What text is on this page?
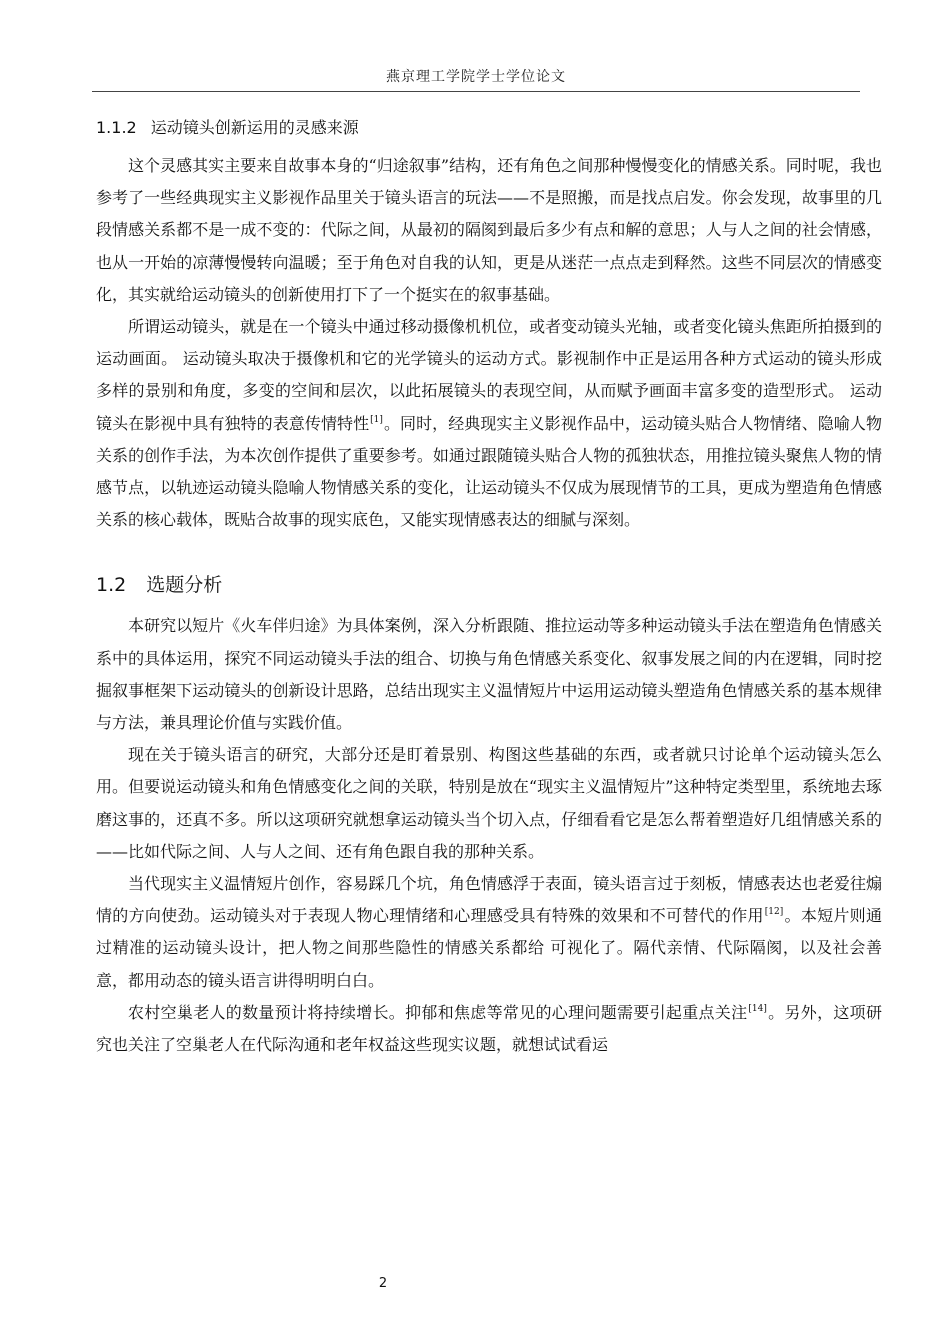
燕京理工学院学士学位论文
1.1.2 运动镜头创新运用的灵感来源

这个灵感其实主要来自故事本身的“归途叙事”结构，还有角色之间那种慢慢变化的情感关系。同时呢，我也参考了一些经典现实主义影视作品里关于镜头语言的玩法——不是照搬，而是找点启发。你会发现，故事里的几段情感关系都不是一成不变的：代际之间，从最初的隔阂到最后多少有点和解的意思；人与人之间的社会情感，也从一开始的凉薄慢慢转向温暖；至于角色对自我的认知，更是从迷茫一点点走到释然。这些不同层次的情感变化，其实就给运动镜头的创新使用打下了一个挺实在的叙事基础。

所谓运动镜头，就是在一个镜头中通过移动摄像机机位，或者变动镜头光轴，或者变化镜头焦距所拍摄到的运动画面。 运动镜头取决于摄像机和它的光学镜头的运动方式。影视制作中正是运用各种方式运动的镜头形成多样的景别和角度，多变的空间和层次，以此拓展镜头的表现空间，从而赋予画面丰富多变的造型形式。 运动镜头在影视中具有独特的表意传情特性[1]。同时，经典现实主义影视作品中，运动镜头贴合人物情绪、隐喻人物关系的创作手法，为本次创作提供了重要参考。如通过跟随镜头贴合人物的孤独状态，用推拉镜头聚焦人物的情感节点，以轨迹运动镜头隐喻人物情感关系的变化，让运动镜头不仅成为展现情节的工具，更成为塑造角色情感关系的核心载体，既贴合故事的现实底色，又能实现情感表达的细腻与深刻。

1.2 选题分析

本研究以短片《火车伴归途》为具体案例，深入分析跟随、推拉运动等多种运动镜头手法在塑造角色情感关系中的具体运用，探究不同运动镜头手法的组合、切换与角色情感关系变化、叙事发展之间的内在逻辑，同时挖掘叙事框架下运动镜头的创新设计思路，总结出现实主义温情短片中运用运动镜头塑造角色情感关系的基本规律与方法，兼具理论价值与实践价值。

现在关于镜头语言的研究，大部分还是盯着景别、构图这些基础的东西，或者就只讨论单个运动镜头怎么用。但要说运动镜头和角色情感变化之间的关联，特别是放在“现实主义温情短片”这种特定类型里，系统地去琢磨这事的，还真不多。所以这项研究就想拿运动镜头当个切入点，仔细看看它是怎么帮着塑造好几组情感关系的——比如代际之间、人与人之间、还有角色跟自我的那种关系。

当代现实主义温情短片创作，容易踩几个坑，角色情感浮于表面，镜头语言过于刻板，情感表达也老爱往煽情的方向使劲。运动镜头对于表现人物心理情绪和心理感受具有特殊的效果和不可替代的作用[12]。本短片则通过精准的运动镜头设计，把人物之间那些隐性的情感关系都给 可视化了。隔代亲情、代际隔阂，以及社会善意，都用动态的镜头语言讲得明明白白。

农村空巢老人的数量预计将持续增长。抑郁和焦虑等常见的心理问题需要引起重点关注[14]。另外，这项研究也关注了空巢老人在代际沟通和老年权益这些现实议题，就想试试看运

2
